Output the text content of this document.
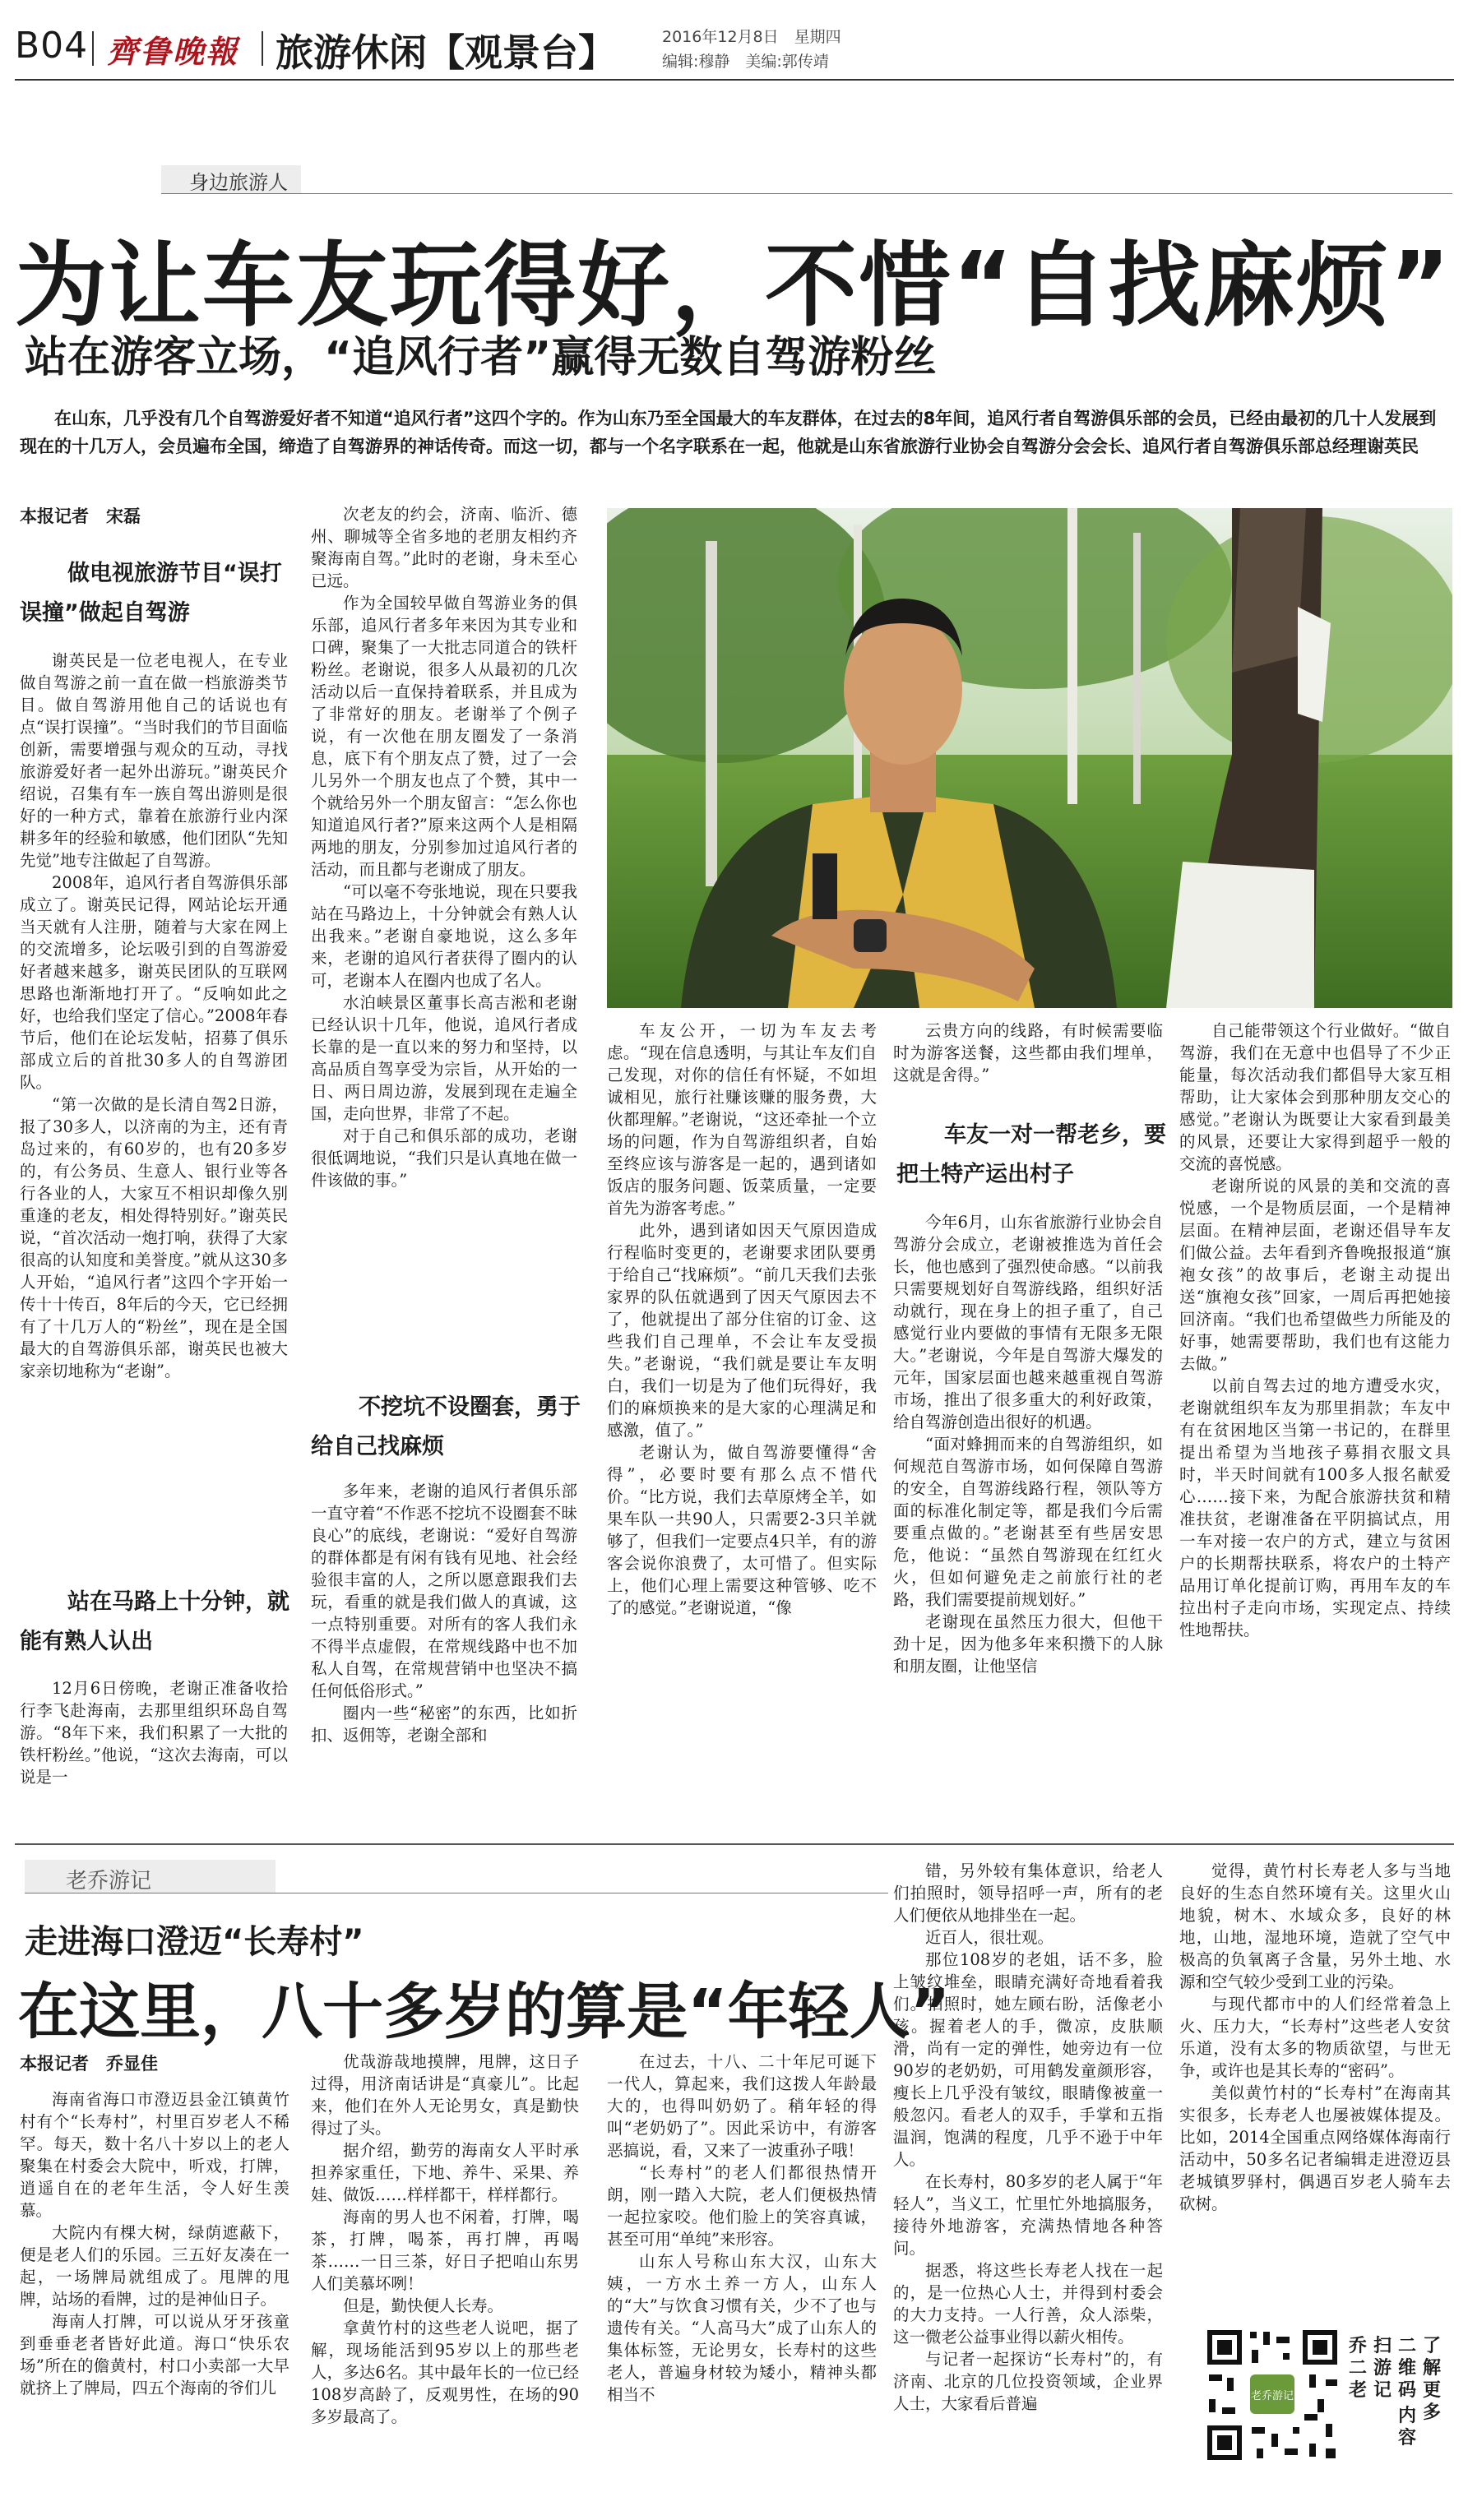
B04 齊鲁晚報 旅游休闲【观景台】	2016年12月8日　星期四
编辑:穆静　美编:郭传靖
身边旅游人
为让车友玩得好，不惜“自找麻烦”
站在游客立场，“追风行者”赢得无数自驾游粉丝
在山东，几乎没有几个自驾游爱好者不知道“追风行者”这四个字的。作为山东乃至全国最大的车友群体，在过去的8年间，追风行者自驾游俱乐部的会员，已经由最初的几十人发展到现在的十几万人，会员遍布全国，缔造了自驾游界的神话传奇。而这一切，都与一个名字联系在一起，他就是山东省旅游行业协会自驾游分会会长、追风行者自驾游俱乐部总经理谢英民
本报记者　宋磊
做电视旅游节目“误打误撞”做起自驾游

谢英民是一位老电视人，在专业做自驾游之前一直在做一档旅游类节目。做自驾游用他自己的话说也有点“误打误撞”。“当时我们的节目面临创新，需要增强与观众的互动，寻找旅游爱好者一起外出游玩。”谢英民介绍说，召集有车一族自驾出游则是很好的一种方式，靠着在旅游行业内深耕多年的经验和敏感，他们团队“先知先觉”地专注做起了自驾游。

2008年，追风行者自驾游俱乐部成立了。谢英民记得，网站论坛开通当天就有人注册，随着与大家在网上的交流增多，论坛吸引到的自驾游爱好者越来越多，谢英民团队的互联网思路也渐渐地打开了。“反响如此之好，也给我们坚定了信心。”2008年春节后，他们在论坛发帖，招募了俱乐部成立后的首批30多人的自驾游团队。

“第一次做的是长清自驾2日游，报了30多人，以济南的为主，还有青岛过来的，有60岁的，也有20多岁的，有公务员、生意人、银行业等各行各业的人，大家互不相识却像久别重逢的老友，相处得特别好。”谢英民说，“首次活动一炮打响，获得了大家很高的认知度和美誉度。”就从这30多人开始，“追风行者”这四个字开始一传十十传百，8年后的今天，它已经拥有了十几万人的“粉丝”，现在是全国最大的自驾游俱乐部，谢英民也被大家亲切地称为“老谢”。

站在马路上十分钟，就能有熟人认出

12月6日傍晚，老谢正准备收拾行李飞赴海南，去那里组织环岛自驾游。“8年下来，我们积累了一大批的铁杆粉丝。”他说，“这次去海南，可以说是一

次老友的约会，济南、临沂、德州、聊城等全省多地的老朋友相约齐聚海南自驾。”此时的老谢，身未至心已远。

作为全国较早做自驾游业务的俱乐部，追风行者多年来因为其专业和口碑，聚集了一大批志同道合的铁杆粉丝。老谢说，很多人从最初的几次活动以后一直保持着联系，并且成为了非常好的朋友。老谢举了个例子说，有一次他在朋友圈发了一条消息，底下有个朋友点了赞，过了一会儿另外一个朋友也点了个赞，其中一个就给另外一个朋友留言：“怎么你也知道追风行者?”原来这两个人是相隔两地的朋友，分别参加过追风行者的活动，而且都与老谢成了朋友。

“可以毫不夸张地说，现在只要我站在马路边上，十分钟就会有熟人认出我来。”老谢自豪地说，这么多年来，老谢的追风行者获得了圈内的认可，老谢本人在圈内也成了名人。

水泊峡景区董事长高吉淞和老谢已经认识十几年，他说，追风行者成长靠的是一直以来的努力和坚持，以高品质自驾享受为宗旨，从开始的一日、两日周边游，发展到现在走遍全国，走向世界，非常了不起。

对于自己和俱乐部的成功，老谢很低调地说，“我们只是认真地在做一件该做的事。”

不挖坑不设圈套，勇于给自己找麻烦

多年来，老谢的追风行者俱乐部一直守着“不作恶不挖坑不设圈套不昧良心”的底线，老谢说：“爱好自驾游的群体都是有闲有钱有见地、社会经验很丰富的人，之所以愿意跟我们去玩，看重的就是我们做人的真诚，这一点特别重要。对所有的客人我们永不得半点虚假，在常规线路中也不加私人自驾，在常规营销中也坚决不搞任何低俗形式。”

圈内一些“秘密”的东西，比如折扣、返佣等，老谢全部和

车友公开，一切为车友去考虑。“现在信息透明，与其让车友们自己发现，对你的信任有怀疑，不如坦诚相见，旅行社赚该赚的服务费，大伙都理解。”老谢说，“这还牵扯一个立场的问题，作为自驾游组织者，自始至终应该与游客是一起的，遇到诸如饭店的服务问题、饭菜质量，一定要首先为游客考虑。”

此外，遇到诸如因天气原因造成行程临时变更的，老谢要求团队要勇于给自己“找麻烦”。“前几天我们去张家界的队伍就遇到了因天气原因去不了，他就提出了部分住宿的订金、这些我们自己理单，不会让车友受损失。”老谢说，“我们就是要让车友明白，我们一切是为了他们玩得好，我们的麻烦换来的是大家的心理满足和感激，值了。”

老谢认为，做自驾游要懂得“舍得”，必要时要有那么点不惜代价。“比方说，我们去草原烤全羊，如果车队一共90人，只需要2-3只羊就够了，但我们一定要点4只羊，有的游客会说你浪费了，太可惜了。但实际上，他们心理上需要这种管够、吃不了的感觉。”老谢说道，“像

云贵方向的线路，有时候需要临时为游客送餐，这些都由我们埋单，这就是舍得。”

车友一对一帮老乡，要把土特产运出村子

今年6月，山东省旅游行业协会自驾游分会成立，老谢被推选为首任会长，他也感到了强烈使命感。“以前我只需要规划好自驾游线路，组织好活动就行，现在身上的担子重了，自己感觉行业内要做的事情有无限多无限大。”老谢说，今年是自驾游大爆发的元年，国家层面也越来越重视自驾游市场，推出了很多重大的利好政策，给自驾游创造出很好的机遇。

“面对蜂拥而来的自驾游组织，如何规范自驾游市场，如何保障自驾游的安全，自驾游线路行程，领队等方面的标准化制定等，都是我们今后需要重点做的。”老谢甚至有些居安思危，他说：“虽然自驾游现在红红火火，但如何避免走之前旅行社的老路，我们需要提前规划好。”

老谢现在虽然压力很大，但他干劲十足，因为他多年来积攒下的人脉和朋友圈，让他坚信

自己能带领这个行业做好。“做自驾游，我们在无意中也倡导了不少正能量，每次活动我们都倡导大家互相帮助，让大家体会到那种朋友交心的感觉。”老谢认为既要让大家看到最美的风景，还要让大家得到超乎一般的交流的喜悦感。

老谢所说的风景的美和交流的喜悦感，一个是物质层面，一个是精神层面。在精神层面，老谢还倡导车友们做公益。去年看到齐鲁晚报报道“旗袍女孩”的故事后，老谢主动提出送“旗袍女孩”回家，一周后再把她接回济南。“我们也希望做些力所能及的好事，她需要帮助，我们也有这能力去做。”

以前自驾去过的地方遭受水灾，老谢就组织车友为那里捐款；车友中有在贫困地区当第一书记的，在群里提出希望为当地孩子募捐衣服文具时，半天时间就有100多人报名献爱心……接下来，为配合旅游扶贫和精准扶贫，老谢准备在平阴搞试点，用一车对接一农户的方式，建立与贫困户的长期帮扶联系，将农户的土特产品用订单化提前订购，再用车友的车拉出村子走向市场，实现定点、持续性地帮扶。

老乔游记
走进海口澄迈“长寿村”
在这里，八十多岁的算是“年轻人”
本报记者　乔显佳

海南省海口市澄迈县金江镇黄竹村有个“长寿村”，村里百岁老人不稀罕。每天，数十名八十岁以上的老人聚集在村委会大院中，听戏，打牌，逍遥自在的老年生活，令人好生羡慕。

大院内有棵大树，绿荫遮蔽下，便是老人们的乐园。三五好友凑在一起，一场牌局就组成了。甩牌的甩牌，站场的看牌，过的是神仙日子。

海南人打牌，可以说从牙牙孩童到垂垂老者皆好此道。海口“快乐农场”所在的儋黄村，村口小卖部一大早就挤上了牌局，四五个海南的爷们儿

优哉游哉地摸牌，甩牌，这日子过得，用济南话讲是“真豪儿”。比起来，他们在外人无论男女，真是勤快得过了头。

据介绍，勤劳的海南女人平时承担养家重任，下地、养牛、采果、养娃、做饭……样样都干，样样都行。

海南的男人也不闲着，打牌，喝茶，打牌，喝茶，再打牌，再喝茶……一日三茶，好日子把咱山东男人们美慕坏咧！

但是，勤快便人长寿。

拿黄竹村的这些老人说吧，据了解，现场能活到95岁以上的那些老人，多达6名。其中最年长的一位已经108岁高龄了，反观男性，在场的90多岁最高了。

在过去，十八、二十年尼可诞下一代人，算起来，我们这拨人年龄最大的，也得叫奶奶了。稍年轻的得叫“老奶奶了”。因此采访中，有游客恶搞说，看，又来了一波重孙子哦！

“长寿村”的老人们都很热情开朗，刚一踏入大院，老人们便极热情一起拉家咬。他们脸上的笑容真诚，甚至可用“单纯”来形容。

山东人号称山东大汉，山东大姨，一方水土养一方人，山东人的“大”与饮食习惯有关，少不了也与遗传有关。“人高马大”成了山东人的集体标签，无论男女，长寿村的这些老人，普遍身材较为矮小，精神头都相当不

错，另外较有集体意识，给老人们拍照时，领导招呼一声，所有的老人们便依从地排坐在一起。

近百人，很壮观。

那位108岁的老姐，话不多，脸上皱纹堆垒，眼睛充满好奇地看着我们。拍照时，她左顾右盼，活像老小孩。握着老人的手，微凉，皮肤顺滑，尚有一定的弹性，她旁边有一位90岁的老奶奶，可用鹤发童颜形容，瘦长上几乎没有皱纹，眼睛像被童一般忽闪。看老人的双手，手掌和五指温润，饱满的程度，几乎不逊于中年人。

在长寿村，80多岁的老人属于“年轻人”，当义工，忙里忙外地搞服务，接待外地游客，充满热情地各种答问。

据悉，将这些长寿老人找在一起的，是一位热心人士，并得到村委会的大力支持。一人行善，众人添柴，这一微老公益事业得以薪火相传。

与记者一起探访“长寿村”的，有济南、北京的几位投资领域，企业界人士，大家看后普遍

觉得，黄竹村长寿老人多与当地良好的生态自然环境有关。这里火山地貌，树木、水域众多，良好的林地，山地，湿地环境，造就了空气中极高的负氧离子含量，另外土地、水源和空气较少受到工业的污染。

与现代都市中的人们经常着急上火、压力大，“长寿村”这些老人安贫乐道，没有太多的物质欲望，与世无争，或许也是其长寿的“密码”。

美似黄竹村的“长寿村”在海南其实很多，长寿老人也屡被媒体提及。比如，2014全国重点网络媒体海南行活动中，50多名记者编辑走进澄迈县老城镇罗驿村，偶遇百岁老人骑车去砍树。

老乔游记
乔二老
扫游记
二维码
了解更多
内容
